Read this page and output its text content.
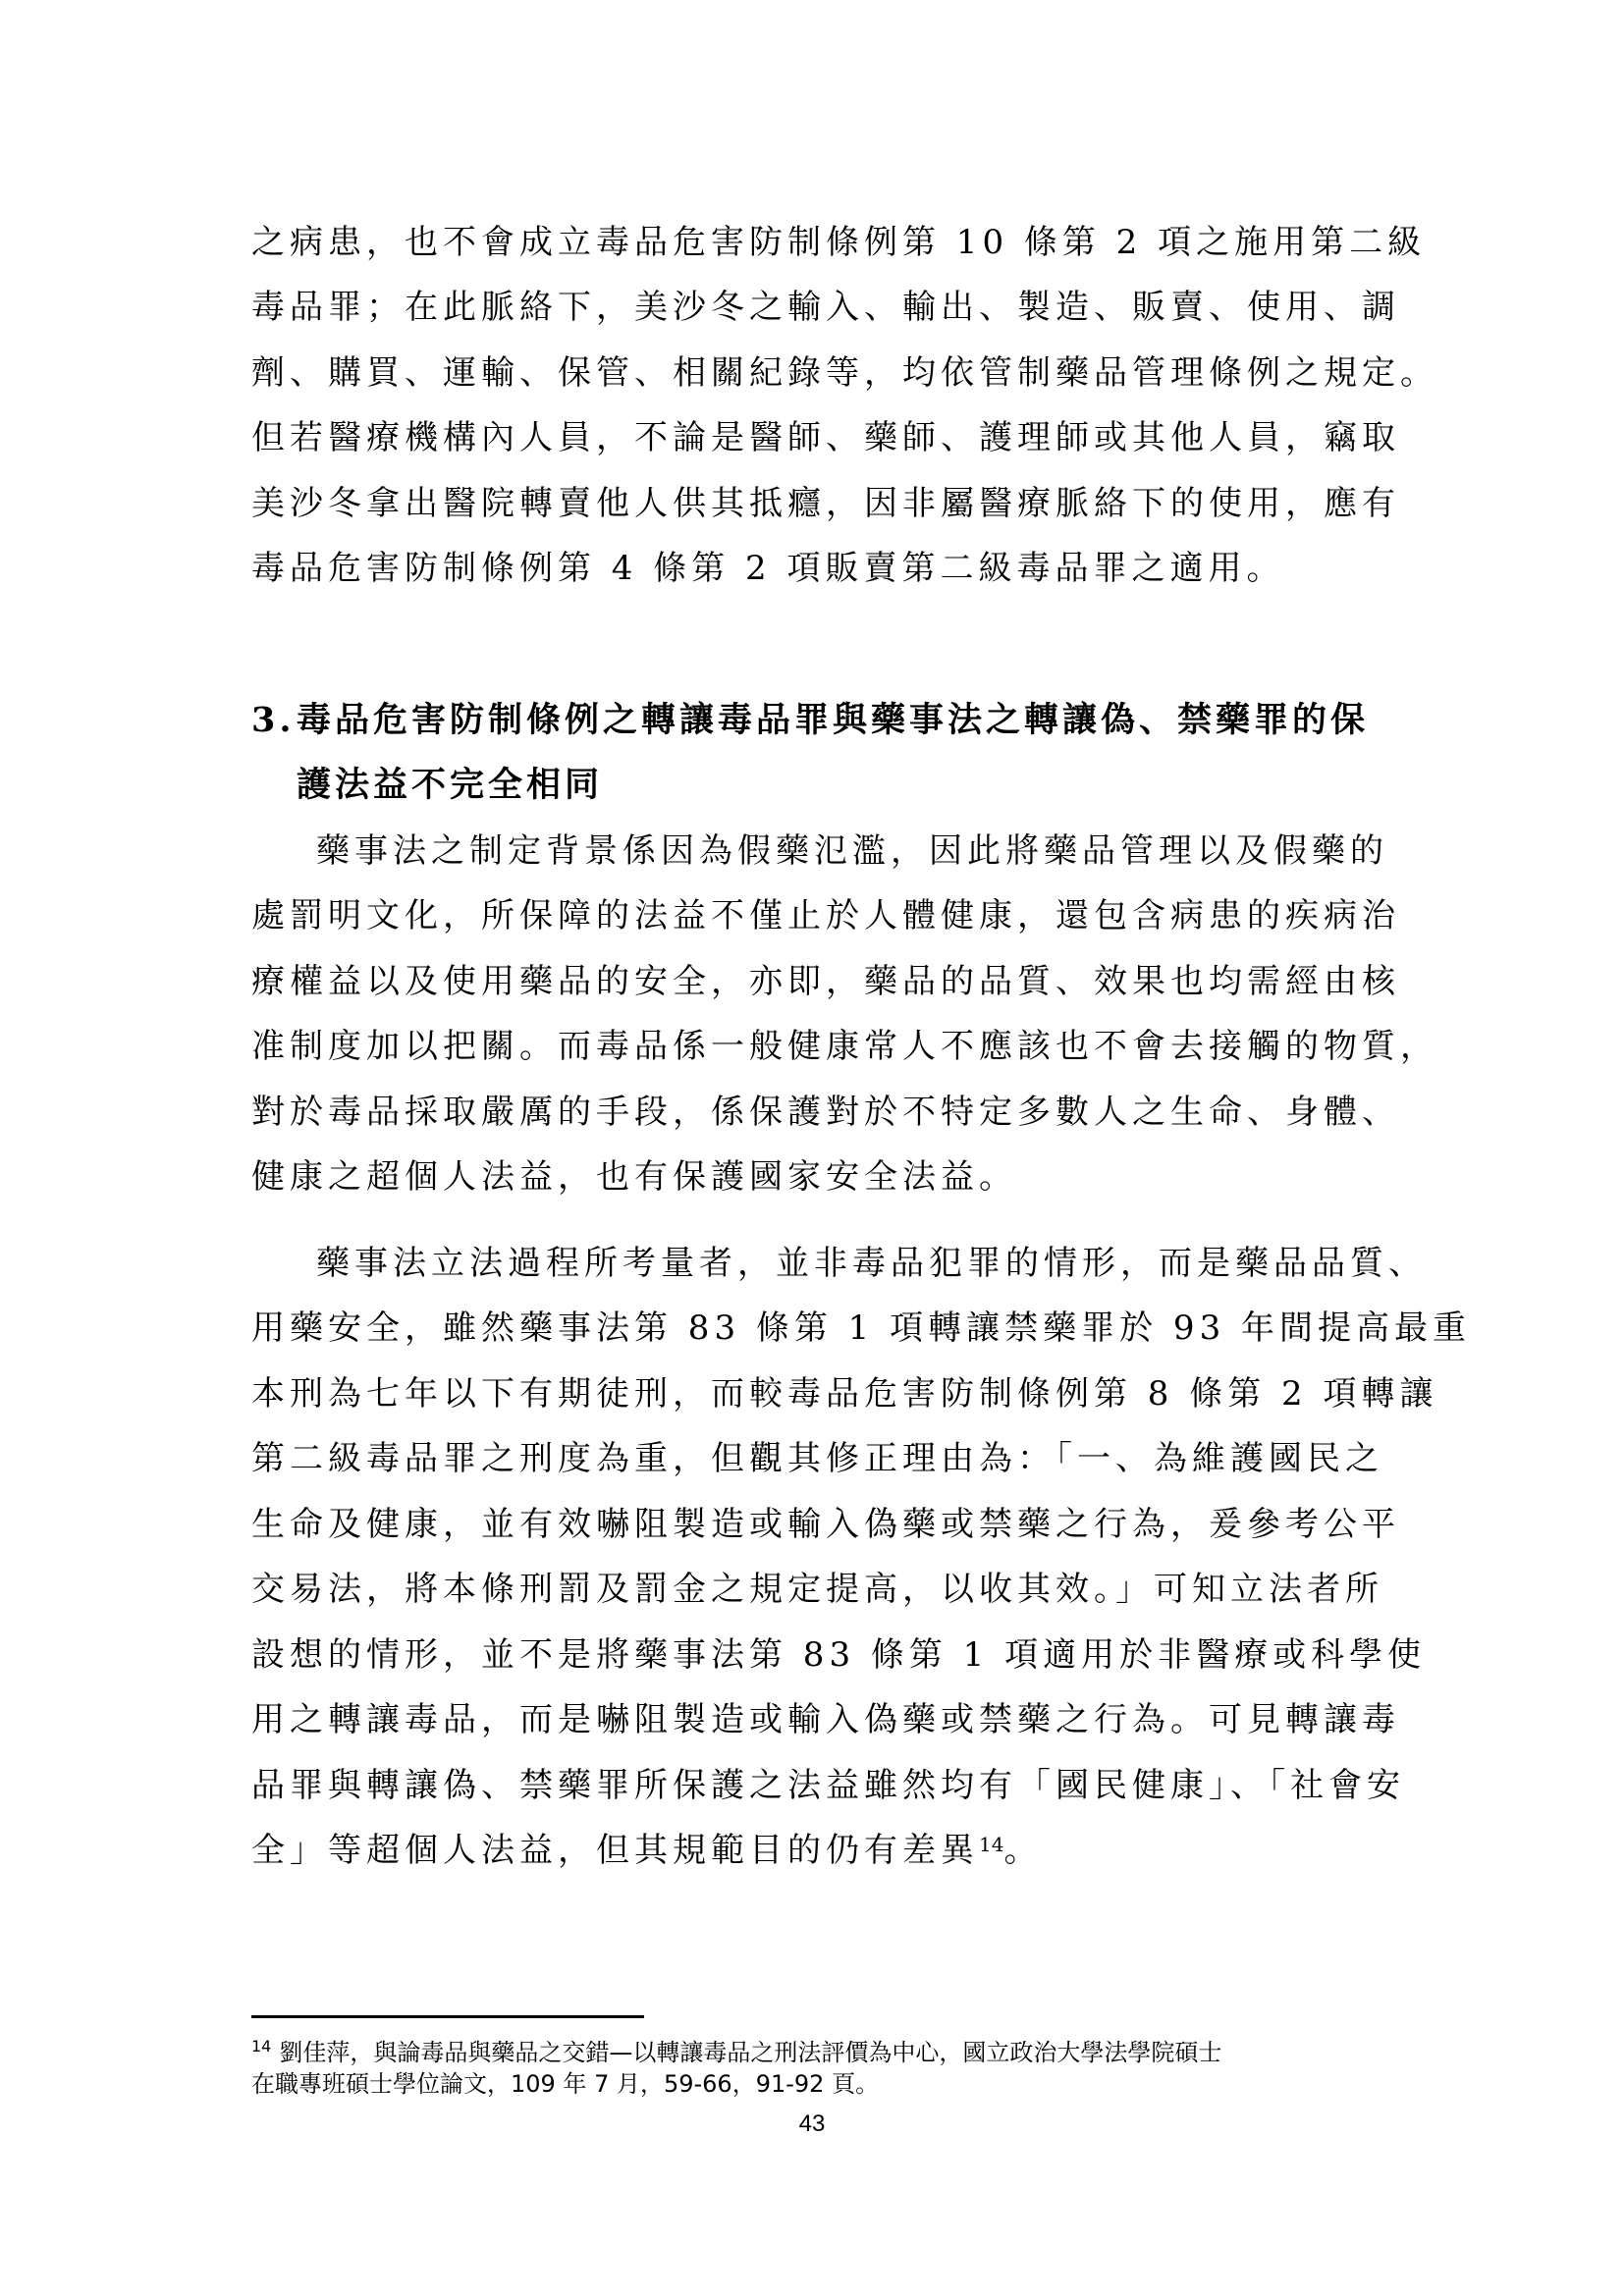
之病患，也不會成立毒品危害防制條例第 10 條第 2 項之施用第二級
毒品罪；在此脈絡下，美沙冬之輸入、輸出、製造、販賣、使用、調
劑、購買、運輸、保管、相關紀錄等，均依管制藥品管理條例之規定。
但若醫療機構內人員，不論是醫師、藥師、護理師或其他人員，竊取
美沙冬拿出醫院轉賣他人供其抵癮，因非屬醫療脈絡下的使用，應有
毒品危害防制條例第 4 條第 2 項販賣第二級毒品罪之適用。
3. 毒品危害防制條例之轉讓毒品罪與藥事法之轉讓偽、禁藥罪的保
護法益不完全相同
藥事法之制定背景係因為假藥氾濫，因此將藥品管理以及假藥的
處罰明文化，所保障的法益不僅止於人體健康，還包含病患的疾病治
療權益以及使用藥品的安全，亦即，藥品的品質、效果也均需經由核
准制度加以把關。而毒品係一般健康常人不應該也不會去接觸的物質，
對於毒品採取嚴厲的手段，係保護對於不特定多數人之生命、身體、
健康之超個人法益，也有保護國家安全法益。
藥事法立法過程所考量者，並非毒品犯罪的情形，而是藥品品質、
用藥安全，雖然藥事法第 83 條第 1 項轉讓禁藥罪於 93 年間提高最重
本刑為七年以下有期徒刑，而較毒品危害防制條例第 8 條第 2 項轉讓
第二級毒品罪之刑度為重，但觀其修正理由為：「一、為維護國民之
生命及健康，並有效嚇阻製造或輸入偽藥或禁藥之行為，爰參考公平
交易法，將本條刑罰及罰金之規定提高，以收其效。」可知立法者所
設想的情形，並不是將藥事法第 83 條第 1 項適用於非醫療或科學使
用之轉讓毒品，而是嚇阻製造或輸入偽藥或禁藥之行為。可見轉讓毒
品罪與轉讓偽、禁藥罪所保護之法益雖然均有「國民健康」、「社會安
全」等超個人法益，但其規範目的仍有差異$^{14}$。
$^{14}$ 劉佳萍，與論毒品與藥品之交錯—以轉讓毒品之刑法評價為中心，國立政治大學法學院碩士
在職專班碩士學位論文，109 年 7 月，59-66，91-92 頁。
43
